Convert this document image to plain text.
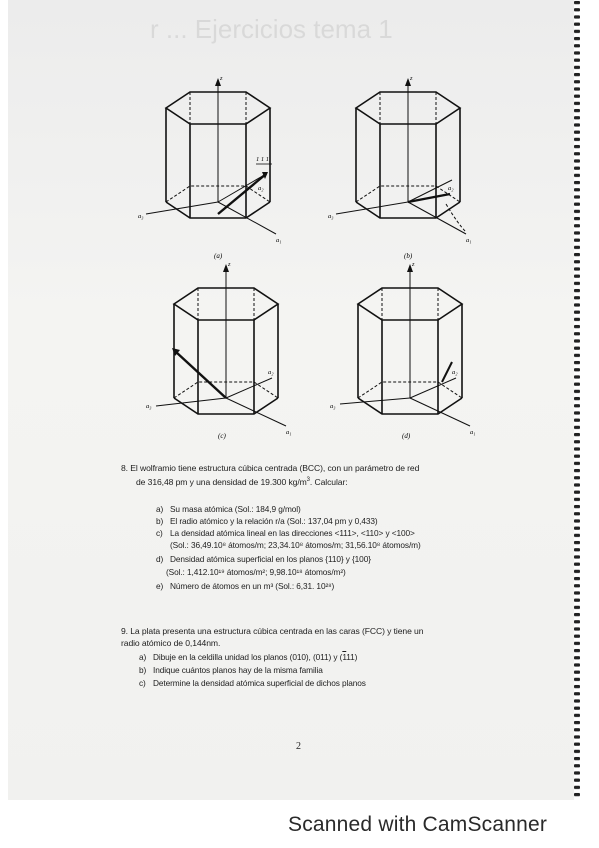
r ... Ejercicios tema 1
1 1 1
z
a₃
a₁
a₂
(a)
z
a₃
a₁
a₂
(b)
z
a₃
a₁
a₂
(c)
z
a₃
a₁
a₂
(d)
8. El wolframio tiene estructura cúbica centrada (BCC), con un parámetro de red
de 316,48 pm y una densidad de 19.300 $kg/m^3$. Calcular:
a) Su masa atómica (Sol.: 184,9 g/mol)
b) El radio atómico y la relación r/a (Sol.: 137,04 pm y 0,433)
c) La densidad atómica lineal en las direcciones <111>, <110> y <100>
(Sol.: 36,49.10⁸ átomos/m; 23,34.10⁸ átomos/m; 31,56.10⁸ átomos/m)
d) Densidad atómica superficial en los planos {110} y {100}
(Sol.: 1,412.10¹⁹ átomos/m²; 9,98.10¹⁸ átomos/m²)
e) Número de átomos en un m³ (Sol.: 6,31. 10²⁸)
9. La plata presenta una estructura cúbica centrada en las caras (FCC) y tiene un
radio atómico de 0,144nm.
a) Dibuje en la celdilla unidad los planos (010), (011) y (111)
b) Indique cuántos planos hay de la misma familia
c) Determine la densidad atómica superficial de dichos planos
2
Scanned with CamScanner
